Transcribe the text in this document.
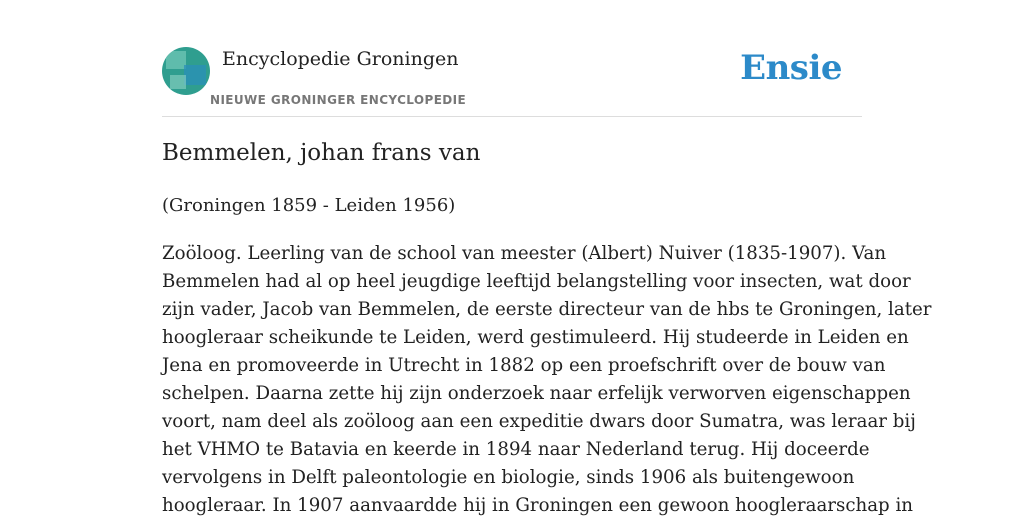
Encyclopedie Groningen
NIEUWE GRONINGER ENCYCLOPEDIE
Ensie
Bemmelen, johan frans van

(Groningen 1859 - Leiden 1956)

Zoöloog. Leerling van de school van meester (Albert) Nuiver (1835-1907). Van
Bemmelen had al op heel jeugdige leeftijd belangstelling voor insecten, wat door
zijn vader, Jacob van Bemmelen, de eerste directeur van de hbs te Groningen, later
hoogleraar scheikunde te Leiden, werd gestimuleerd. Hij studeerde in Leiden en
Jena en promoveerde in Utrecht in 1882 op een proefschrift over de bouw van
schelpen. Daarna zette hij zijn onderzoek naar erfelijk verworven eigenschappen
voort, nam deel als zoöloog aan een expeditie dwars door Sumatra, was leraar bij
het VHMO te Batavia en keerde in 1894 naar Nederland terug. Hij doceerde
vervolgens in Delft paleontologie en biologie, sinds 1906 als buitengewoon
hoogleraar. In 1907 aanvaardde hij in Groningen een gewoon hoogleraarschap in
